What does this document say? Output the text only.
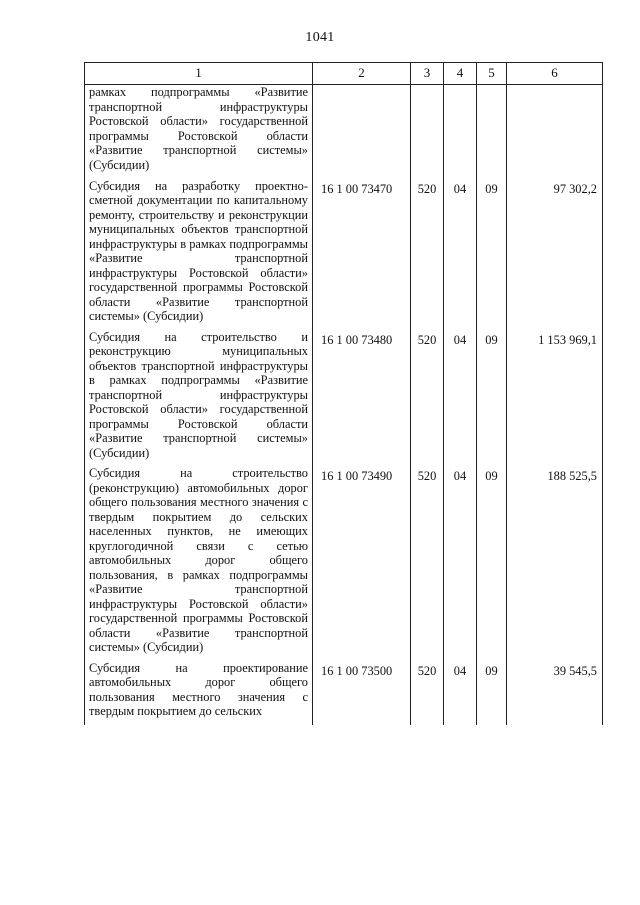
1041
1	2	3	4	5	6
рамках подпрограммы «Развитие транспортной инфраструктуры Ростовской области» государственной программы Ростовской области «Развитие транспортной системы» (Субсидии)					
Субсидия на разработку проектно-сметной документации по капитальному ремонту, строительству и реконструкции муниципальных объектов транспортной инфраструктуры в рамках подпрограммы «Развитие транспортной инфраструктуры Ростовской области» государственной программы Ростовской области «Развитие транспортной системы» (Субсидии)	16 1 00 73470	520	04	09	97 302,2
Субсидия на строительство и реконструкцию муниципальных объектов транспортной инфраструктуры в рамках подпрограммы «Развитие транспортной инфраструктуры Ростовской области» государственной программы Ростовской области «Развитие транспортной системы» (Субсидии)	16 1 00 73480	520	04	09	1 153 969,1
Субсидия на строительство (реконструкцию) автомобильных дорог общего пользования местного значения с твердым покрытием до сельских населенных пунктов, не имеющих круглогодичной связи с сетью автомобильных дорог общего пользования, в рамках подпрограммы «Развитие транспортной инфраструктуры Ростовской области» государственной программы Ростовской области «Развитие транспортной системы» (Субсидии)	16 1 00 73490	520	04	09	188 525,5
Субсидия на проектирование автомобильных дорог общего пользования местного значения с твердым покрытием до сельских	16 1 00 73500	520	04	09	39 545,5
